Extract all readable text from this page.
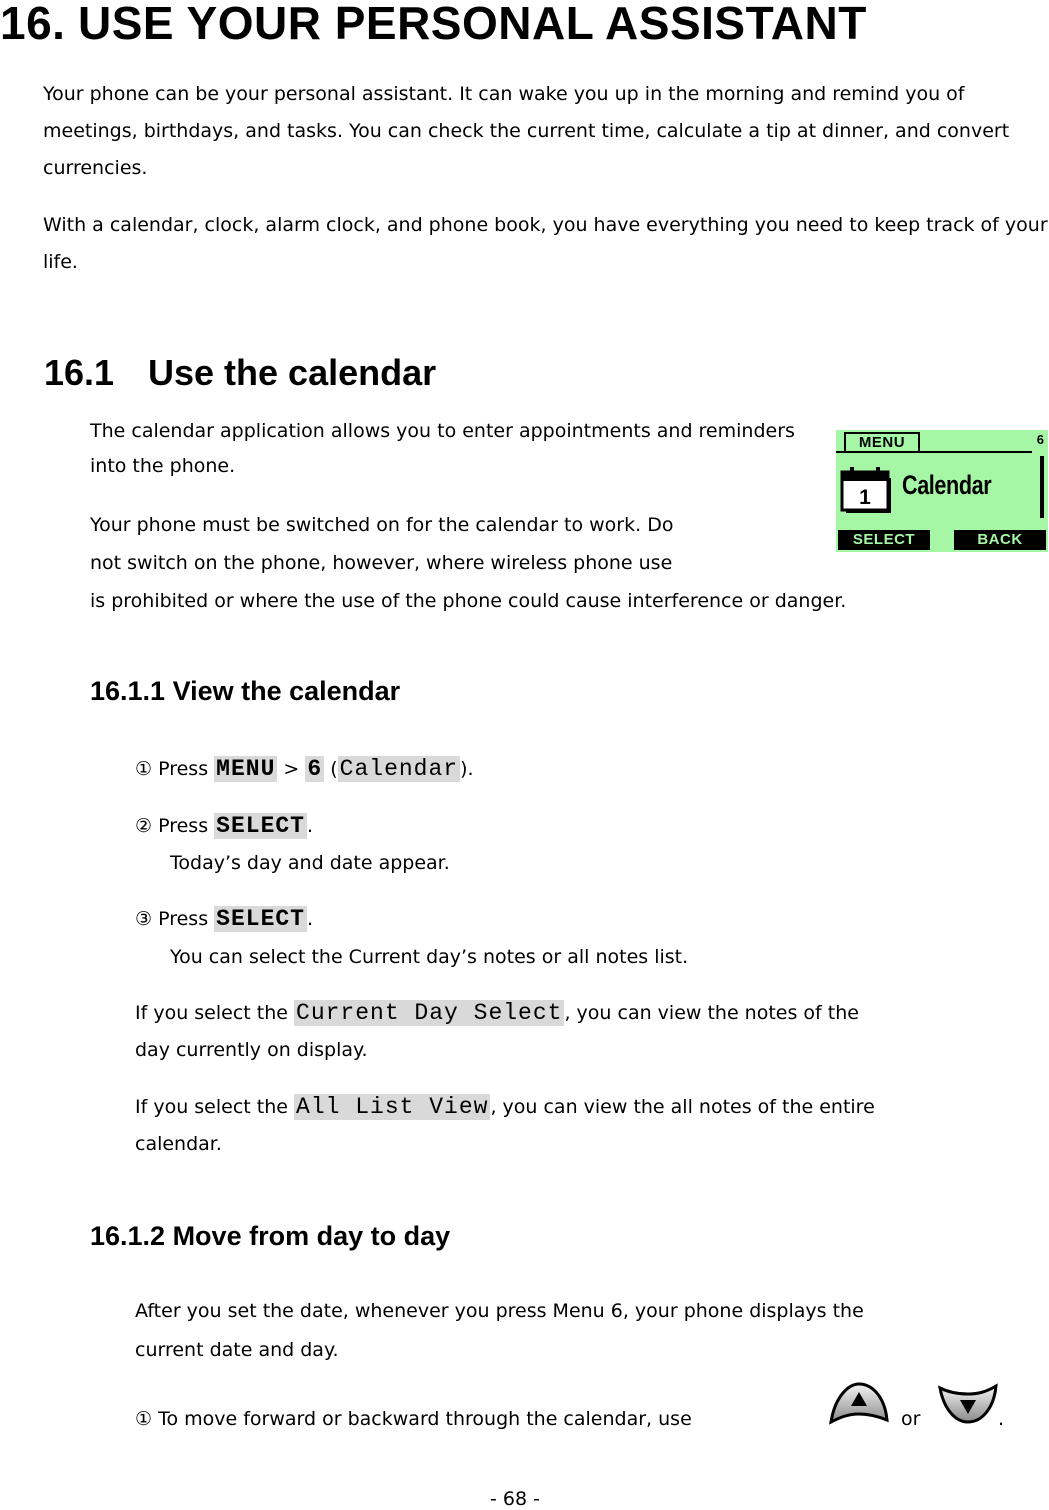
16. USE YOUR PERSONAL ASSISTANT

Your phone can be your personal assistant. It can wake you up in the morning and remind you of meetings, birthdays, and tasks. You can check the current time, calculate a tip at dinner, and convert currencies.

With a calendar, clock, alarm clock, and phone book, you have everything you need to keep track of your life.

16.1 Use the calendar

The calendar application allows you to enter appointments and reminders into the phone.

Your phone must be switched on for the calendar to work. Do

not switch on the phone, however, where wireless phone use

is prohibited or where the use of the phone could cause interference or danger.

MENU	6
1 Calendar
SELECT	BACK
16.1.1 View the calendar

① Press MENU > 6 (Calendar ).

② Press SELECT .

Today’s day and date appear.

③ Press SELECT .

You can select the Current day’s notes or all notes list.

If you select the Current Day Select , you can view the notes of the

day currently on display.

If you select the All List View , you can view the all notes of the entire

calendar.

16.1.2 Move from day to day

After you set the date, whenever you press Menu 6, your phone displays the

current date and day.

① To move forward or backward through the calendar, use	or	.

- 68 -
